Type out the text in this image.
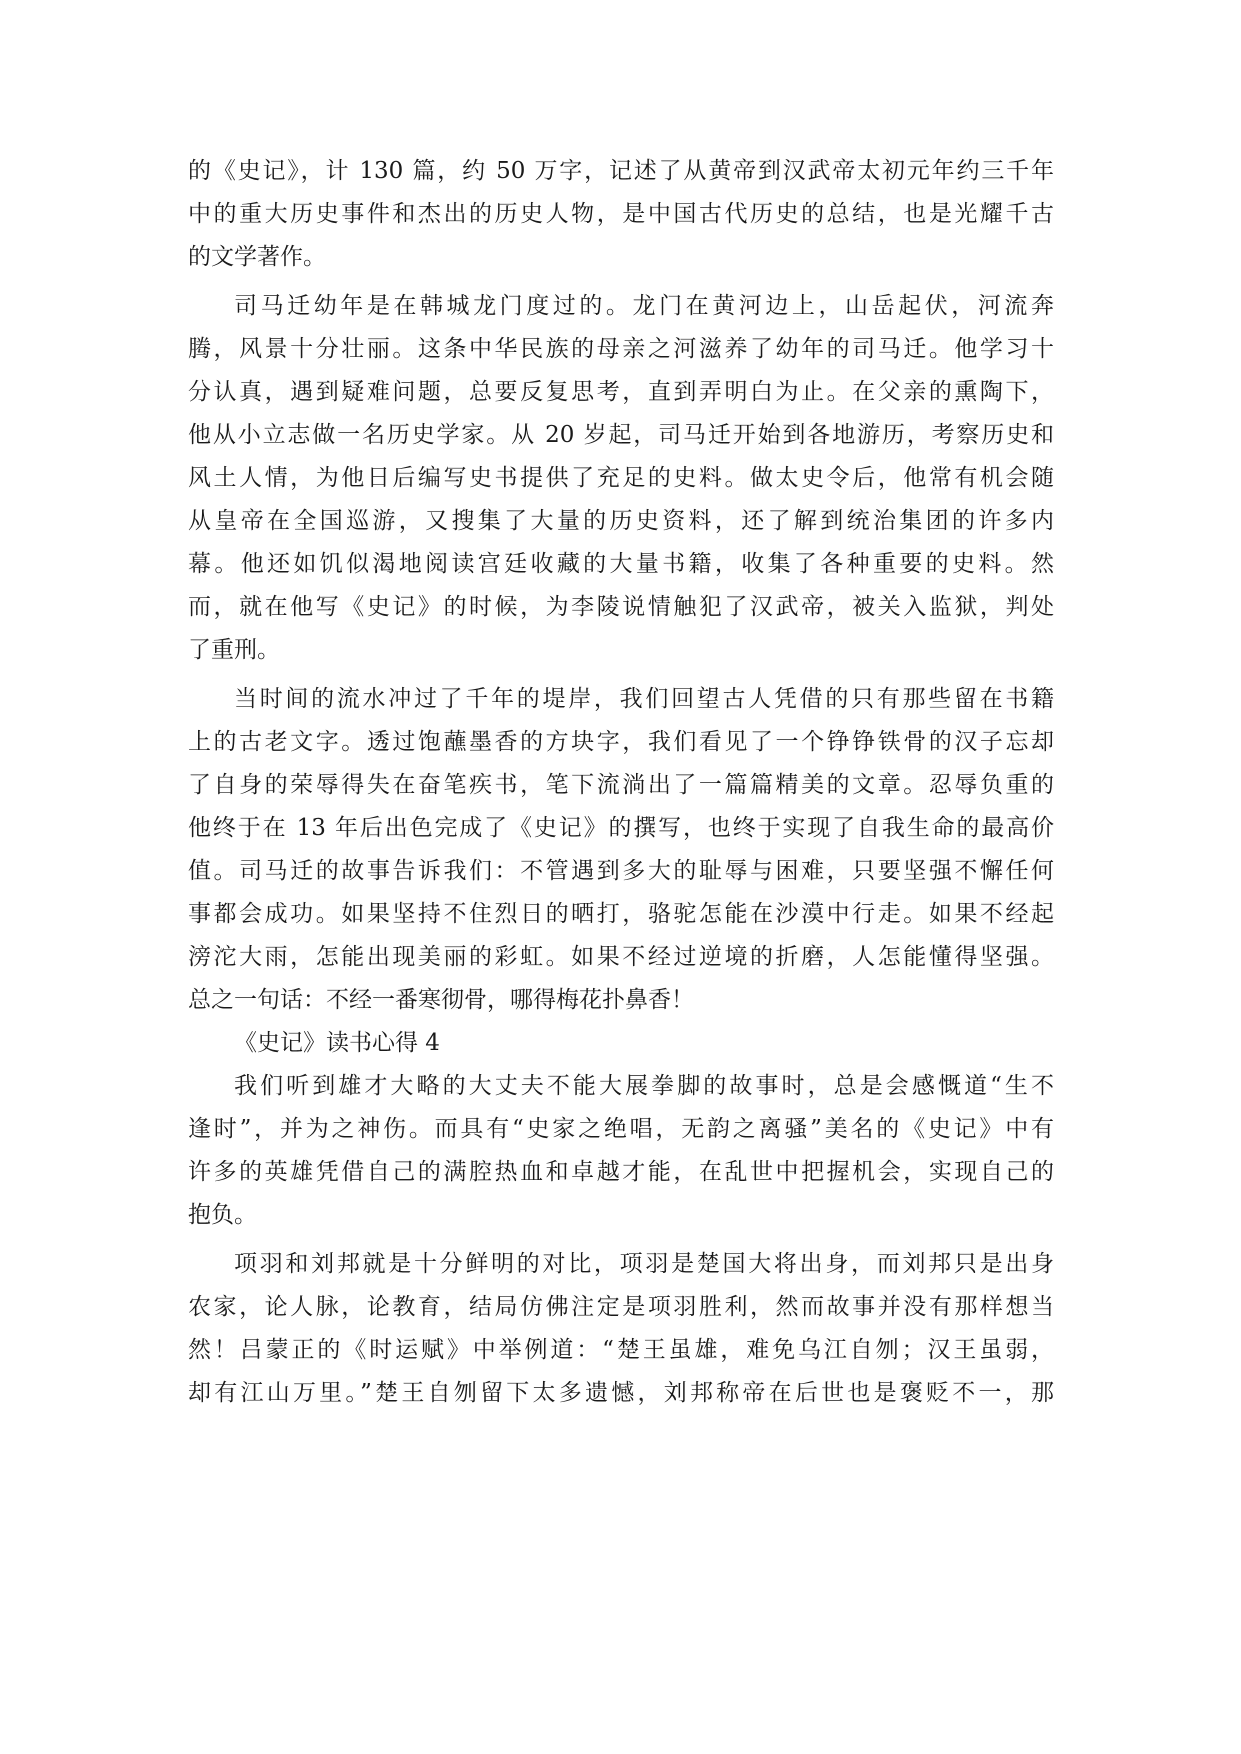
的《史记》，计 130 篇，约 50 万字，记述了从黄帝到汉武帝太初元年约三千年
中的重大历史事件和杰出的历史人物，是中国古代历史的总结，也是光耀千古
的文学著作。
司马迁幼年是在韩城龙门度过的。龙门在黄河边上，山岳起伏，河流奔
腾，风景十分壮丽。这条中华民族的母亲之河滋养了幼年的司马迁。他学习十
分认真，遇到疑难问题，总要反复思考，直到弄明白为止。在父亲的熏陶下，
他从小立志做一名历史学家。从 20 岁起，司马迁开始到各地游历，考察历史和
风土人情，为他日后编写史书提供了充足的史料。做太史令后，他常有机会随
从皇帝在全国巡游，又搜集了大量的历史资料，还了解到统治集团的许多内
幕。他还如饥似渴地阅读宫廷收藏的大量书籍，收集了各种重要的史料。然
而，就在他写《史记》的时候，为李陵说情触犯了汉武帝，被关入监狱，判处
了重刑。
当时间的流水冲过了千年的堤岸，我们回望古人凭借的只有那些留在书籍
上的古老文字。透过饱蘸墨香的方块字，我们看见了一个铮铮铁骨的汉子忘却
了自身的荣辱得失在奋笔疾书，笔下流淌出了一篇篇精美的文章。忍辱负重的
他终于在 13 年后出色完成了《史记》的撰写，也终于实现了自我生命的最高价
值。司马迁的故事告诉我们：不管遇到多大的耻辱与困难，只要坚强不懈任何
事都会成功。如果坚持不住烈日的晒打，骆驼怎能在沙漠中行走。如果不经起
滂沱大雨，怎能出现美丽的彩虹。如果不经过逆境的折磨，人怎能懂得坚强。
总之一句话：不经一番寒彻骨，哪得梅花扑鼻香！
《史记》读书心得 4
我们听到雄才大略的大丈夫不能大展拳脚的故事时，总是会感慨道“生不
逢时”，并为之神伤。而具有“史家之绝唱，无韵之离骚”美名的《史记》中有
许多的英雄凭借自己的满腔热血和卓越才能，在乱世中把握机会，实现自己的
抱负。
项羽和刘邦就是十分鲜明的对比，项羽是楚国大将出身，而刘邦只是出身
农家，论人脉，论教育，结局仿佛注定是项羽胜利，然而故事并没有那样想当
然！吕蒙正的《时运赋》中举例道：“楚王虽雄，难免乌江自刎；汉王虽弱，
却有江山万里。”楚王自刎留下太多遗憾，刘邦称帝在后世也是褒贬不一，那
